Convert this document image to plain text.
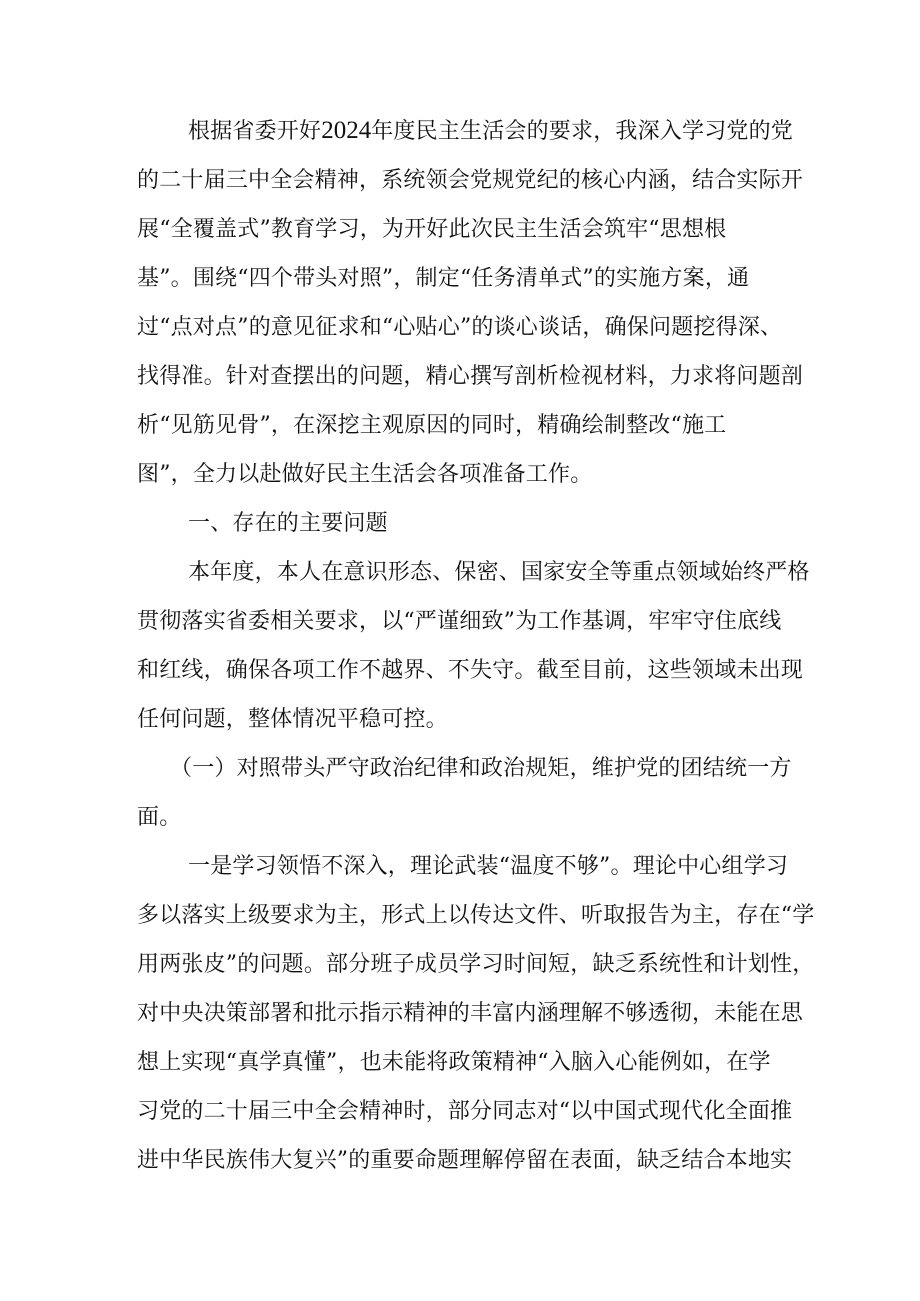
根据省委开好2024年度民主生活会的要求，我深入学习党的党
的二十届三中全会精神，系统领会党规党纪的核心内涵，结合实际开
展“全覆盖式”教育学习，为开好此次民主生活会筑牢“思想根
基”。围绕“四个带头对照”，制定“任务清单式”的实施方案，通
过“点对点”的意见征求和“心贴心”的谈心谈话，确保问题挖得深、
找得准。针对查摆出的问题，精心撰写剖析检视材料，力求将问题剖
析“见筋见骨”，在深挖主观原因的同时，精确绘制整改“施工
图”，全力以赴做好民主生活会各项准备工作。
一、存在的主要问题
本年度，本人在意识形态、保密、国家安全等重点领域始终严格
贯彻落实省委相关要求，以“严谨细致”为工作基调，牢牢守住底线
和红线，确保各项工作不越界、不失守。截至目前，这些领域未出现
任何问题，整体情况平稳可控。
（一）对照带头严守政治纪律和政治规矩，维护党的团结统一方
面。
一是学习领悟不深入，理论武装“温度不够”。理论中心组学习
多以落实上级要求为主，形式上以传达文件、听取报告为主，存在“学
用两张皮”的问题。部分班子成员学习时间短，缺乏系统性和计划性，
对中央决策部署和批示指示精神的丰富内涵理解不够透彻，未能在思
想上实现“真学真懂”，也未能将政策精神“入脑入心能例如，在学
习党的二十届三中全会精神时，部分同志对“以中国式现代化全面推
进中华民族伟大复兴”的重要命题理解停留在表面，缺乏结合本地实
